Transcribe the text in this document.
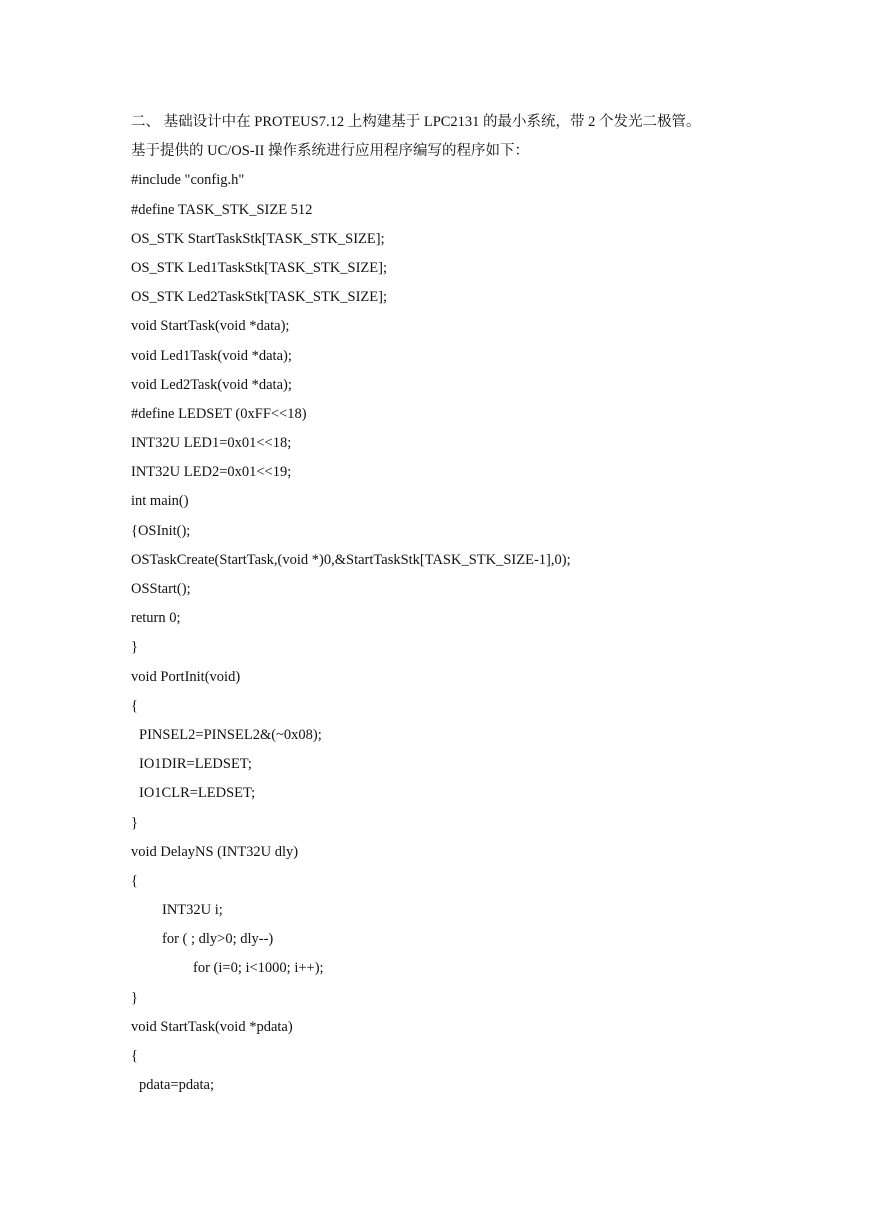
二、 基础设计中在 PROTEUS7.12 上构建基于 LPC2131 的最小系统，带 2 个发光二极管。
基于提供的 UC/OS-II 操作系统进行应用程序编写的程序如下：
#include "config.h"
#define TASK_STK_SIZE 512
OS_STK StartTaskStk[TASK_STK_SIZE];
OS_STK Led1TaskStk[TASK_STK_SIZE];
OS_STK Led2TaskStk[TASK_STK_SIZE];
void StartTask(void *data);
void Led1Task(void *data);
void Led2Task(void *data);
#define LEDSET (0xFF<<18)
INT32U LED1=0x01<<18;
INT32U LED2=0x01<<19;
int main()
{OSInit();
OSTaskCreate(StartTask,(void *)0,&StartTaskStk[TASK_STK_SIZE-1],0);
OSStart();
return 0;
}
void PortInit(void)
{
PINSEL2=PINSEL2&(~0x08);
IO1DIR=LEDSET;
IO1CLR=LEDSET;
}
void DelayNS (INT32U dly)
{
INT32U i;
for ( ; dly>0; dly--)
for (i=0; i<1000; i++);
}
void StartTask(void *pdata)
{
pdata=pdata;
